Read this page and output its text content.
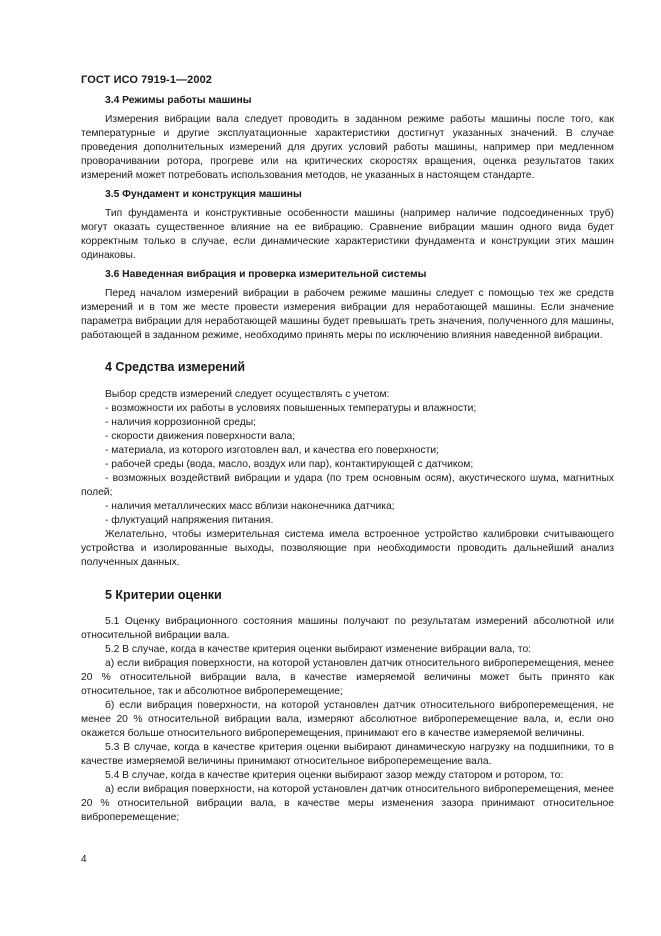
ГОСТ ИСО 7919-1—2002
3.4 Режимы работы машины

Измерения вибрации вала следует проводить в заданном режиме работы машины после того, как температурные и другие эксплуатационные характеристики достигнут указанных значений. В случае проведения дополнительных измерений для других условий работы машины, например при медленном проворачивании ротора, прогреве или на критических скоростях вращения, оценка результатов таких измерений может потребовать использования методов, не указанных в настоящем стандарте.

3.5 Фундамент и конструкция машины

Тип фундамента и конструктивные особенности машины (например наличие подсоединенных труб) могут оказать существенное влияние на ее вибрацию. Сравнение вибрации машин одного вида будет корректным только в случае, если динамические характеристики фундамента и конструкции этих машин одинаковы.

3.6 Наведенная вибрация и проверка измерительной системы

Перед началом измерений вибрации в рабочем режиме машины следует с помощью тех же средств измерений и в том же месте провести измерения вибрации для неработающей машины. Если значение параметра вибрации для неработающей машины будет превышать треть значения, полученного для машины, работающей в заданном режиме, необходимо принять меры по исключению влияния наведенной вибрации.

4 Средства измерений

Выбор средств измерений следует осуществлять с учетом:

- возможности их работы в условиях повышенных температуры и влажности;

- наличия коррозионной среды;

- скорости движения поверхности вала;

- материала, из которого изготовлен вал, и качества его поверхности;

- рабочей среды (вода, масло, воздух или пар), контактирующей с датчиком;

- возможных воздействий вибрации и удара (по трем основным осям), акустического шума, магнитных полей;

- наличия металлических масс вблизи наконечника датчика;

- флуктуаций напряжения питания.

Желательно, чтобы измерительная система имела встроенное устройство калибровки считывающего устройства и изолированные выходы, позволяющие при необходимости проводить дальнейший анализ полученных данных.

5 Критерии оценки

5.1 Оценку вибрационного состояния машины получают по результатам измерений абсолютной или относительной вибрации вала.

5.2 В случае, когда в качестве критерия оценки выбирают изменение вибрации вала, то:

а) если вибрация поверхности, на которой установлен датчик относительного виброперемещения, менее 20 % относительной вибрации вала, в качестве измеряемой величины может быть принято как относительное, так и абсолютное виброперемещение;

б) если вибрация поверхности, на которой установлен датчик относительного виброперемещения, не менее 20 % относительной вибрации вала, измеряют абсолютное виброперемещение вала, и, если оно окажется больше относительного виброперемещения, принимают его в качестве измеряемой величины.

5.3 В случае, когда в качестве критерия оценки выбирают динамическую нагрузку на подшипники, то в качестве измеряемой величины принимают относительное виброперемещение вала.

5.4 В случае, когда в качестве критерия оценки выбирают зазор между статором и ротором, то:

а) если вибрация поверхности, на которой установлен датчик относительного виброперемещения, менее 20 % относительной вибрации вала, в качестве меры изменения зазора принимают относительное виброперемещение;

4
